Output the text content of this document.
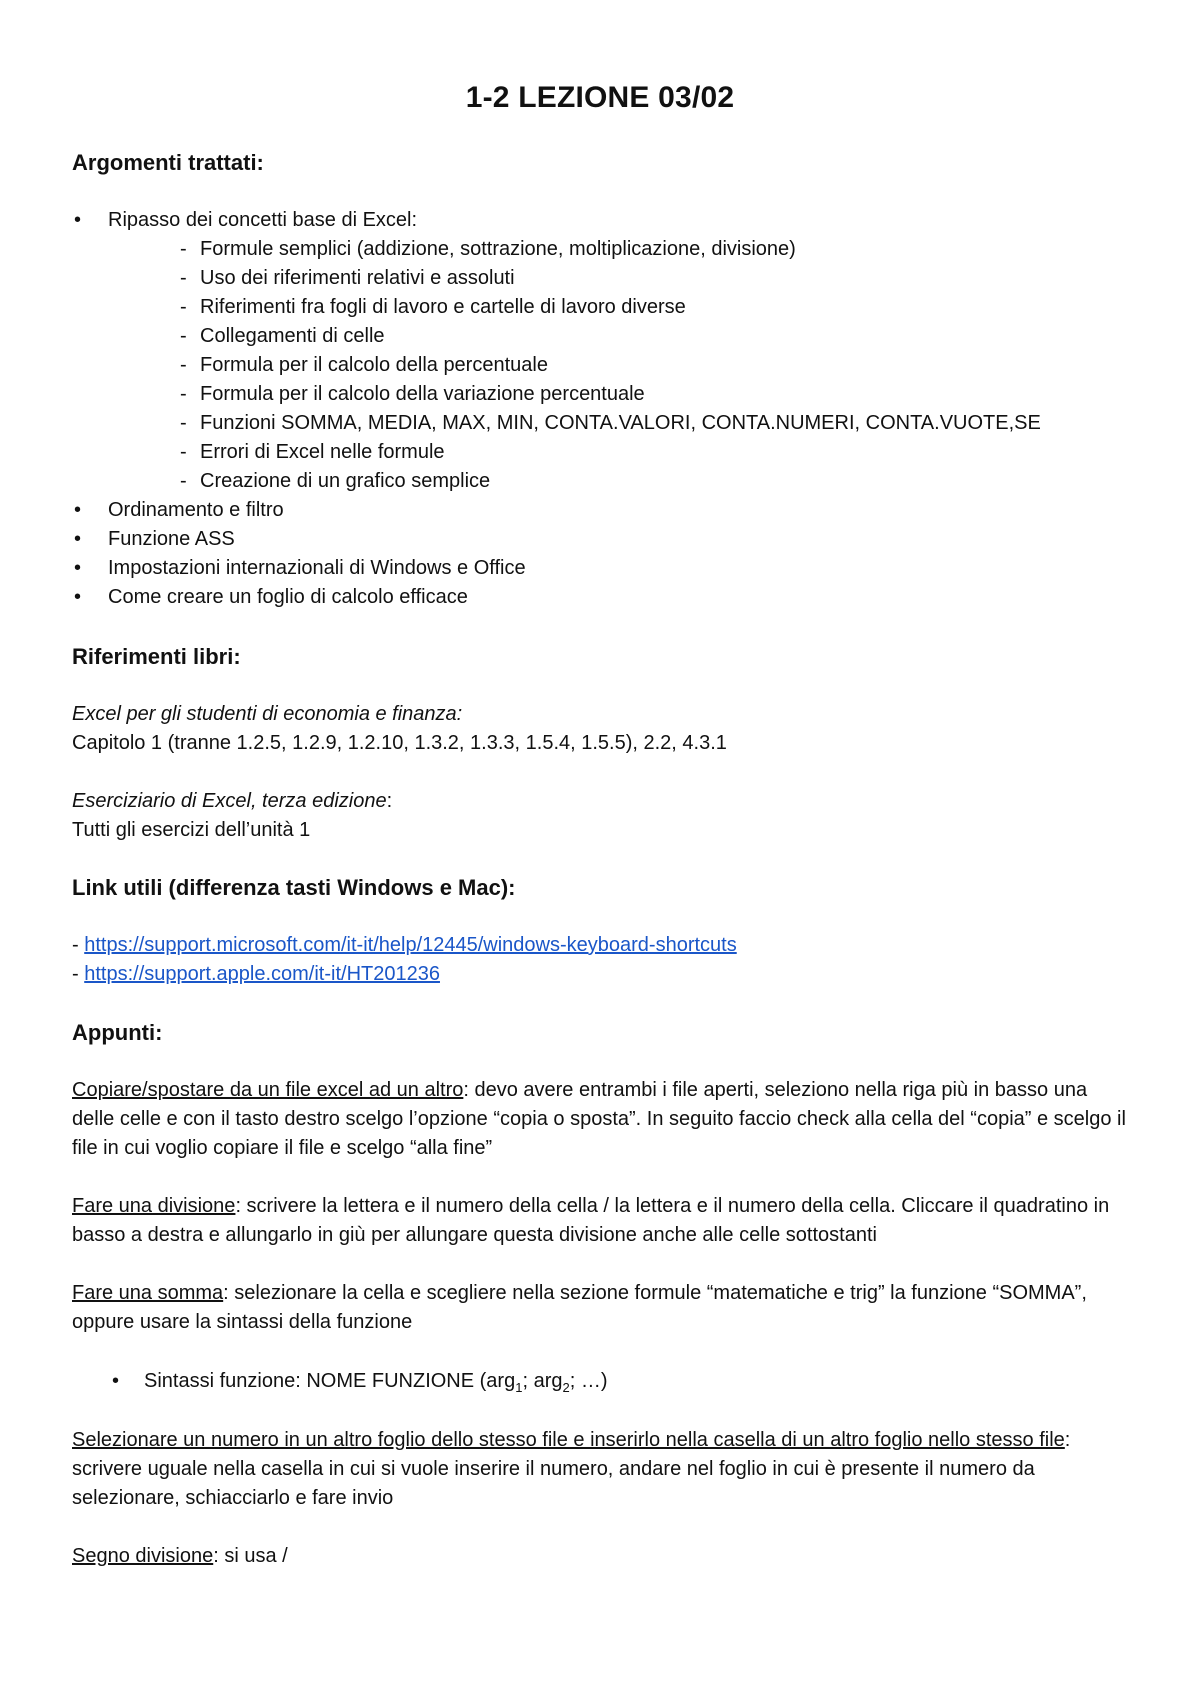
1-2 LEZIONE 03/02
Argomenti trattati:
• Ripasso dei concetti base di Excel:
- Formule semplici (addizione, sottrazione, moltiplicazione, divisione)
- Uso dei riferimenti relativi e assoluti
- Riferimenti fra fogli di lavoro e cartelle di lavoro diverse
- Collegamenti di celle
- Formula per il calcolo della percentuale
- Formula per il calcolo della variazione percentuale
- Funzioni SOMMA, MEDIA, MAX, MIN, CONTA.VALORI, CONTA.NUMERI, CONTA.VUOTE,SE
- Errori di Excel nelle formule
- Creazione di un grafico semplice
• Ordinamento e filtro
• Funzione ASS
• Impostazioni internazionali di Windows e Office
• Come creare un foglio di calcolo efficace
Riferimenti libri:

Excel per gli studenti di economia e finanza:

Capitolo 1 (tranne 1.2.5, 1.2.9, 1.2.10, 1.3.2, 1.3.3, 1.5.4, 1.5.5), 2.2, 4.3.1

Eserciziario di Excel, terza edizione:

Tutti gli esercizi dell’unità 1

Link utili (differenza tasti Windows e Mac):

- https://support.microsoft.com/it-it/help/12445/windows-keyboard-shortcuts

- https://support.apple.com/it-it/HT201236

Appunti:

Copiare/spostare da un file excel ad un altro: devo avere entrambi i file aperti, seleziono nella riga più in basso una delle celle e con il tasto destro scelgo l’opzione “copia o sposta”. In seguito faccio check alla cella del “copia” e scelgo il file in cui voglio copiare il file e scelgo “alla fine”

Fare una divisione: scrivere la lettera e il numero della cella / la lettera e il numero della cella. Cliccare il quadratino in basso a destra e allungarlo in giù per allungare questa divisione anche alle celle sottostanti

Fare una somma: selezionare la cella e scegliere nella sezione formule “matematiche e trig” la funzione “SOMMA”, oppure usare la sintassi della funzione

• Sintassi funzione: NOME FUNZIONE (arg$_1$; arg$_2$; …)

Selezionare un numero in un altro foglio dello stesso file e inserirlo nella casella di un altro foglio nello stesso file: scrivere uguale nella casella in cui si vuole inserire il numero, andare nel foglio in cui è presente il numero da selezionare, schiacciarlo e fare invio

Segno divisione: si usa /
